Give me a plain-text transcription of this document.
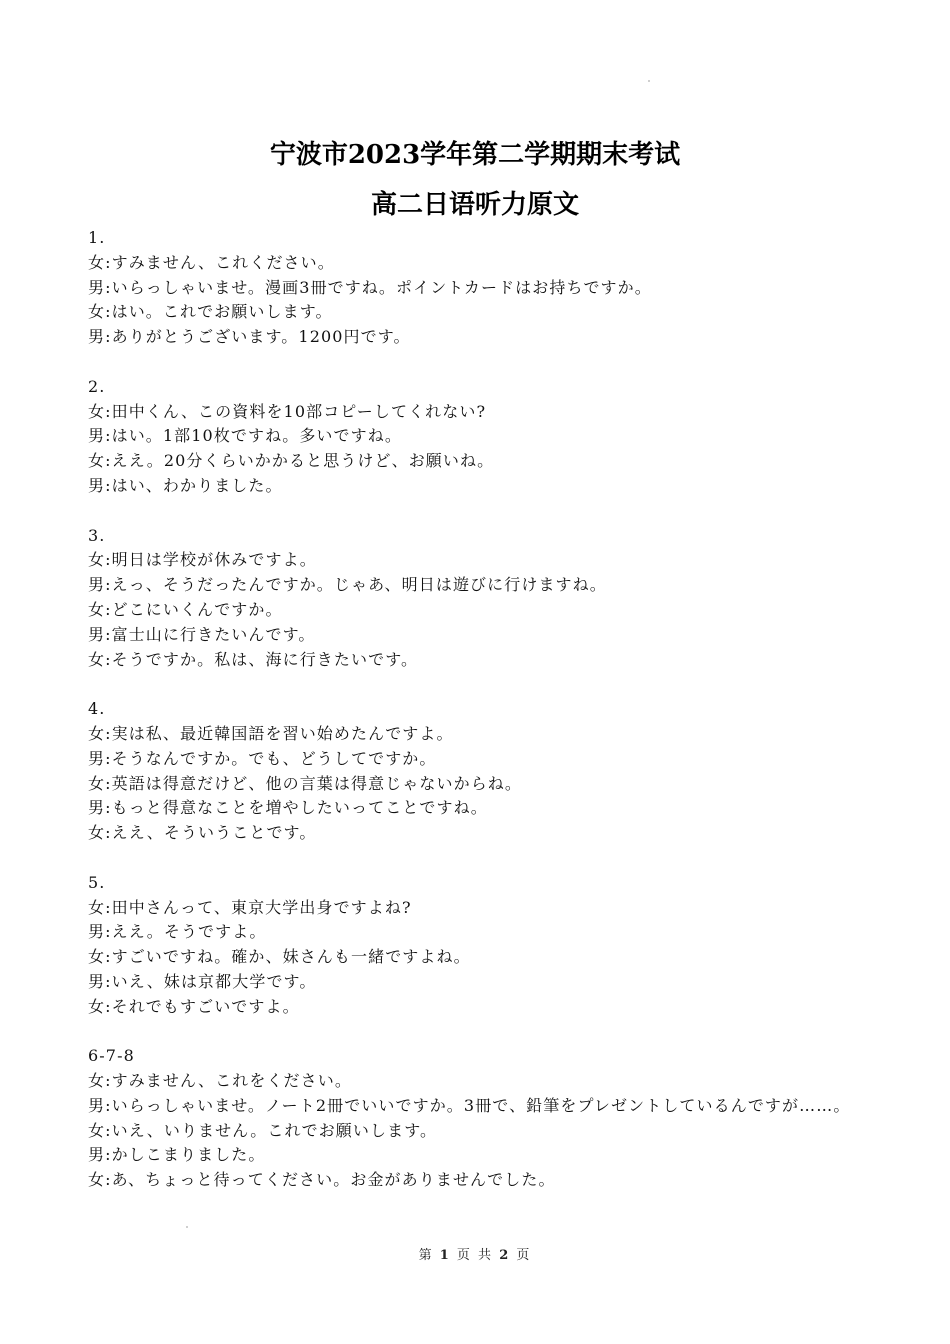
宁波市2023学年第二学期期末考试
高二日语听力原文
1.
女:すみません、これください。
男:いらっしゃいませ。漫画3冊ですね。ポイントカードはお持ちですか。
女:はい。これでお願いします。
男:ありがとうございます。1200円です。
2.
女:田中くん、この資料を10部コピーしてくれない?
男:はい。1部10枚ですね。多いですね。
女:ええ。20分くらいかかると思うけど、お願いね。
男:はい、わかりました。
3.
女:明日は学校が休みですよ。
男:えっ、そうだったんですか。じゃあ、明日は遊びに行けますね。
女:どこにいくんですか。
男:富士山に行きたいんです。
女:そうですか。私は、海に行きたいです。
4.
女:実は私、最近韓国語を習い始めたんですよ。
男:そうなんですか。でも、どうしてですか。
女:英語は得意だけど、他の言葉は得意じゃないからね。
男:もっと得意なことを増やしたいってことですね。
女:ええ、そういうことです。
5.
女:田中さんって、東京大学出身ですよね?
男:ええ。そうですよ。
女:すごいですね。確か、妹さんも一緒ですよね。
男:いえ、妹は京都大学です。
女:それでもすごいですよ。
6-7-8
女:すみません、これをください。
男:いらっしゃいませ。ノート2冊でいいですか。3冊で、鉛筆をプレゼントしているんですが……。
女:いえ、いりません。これでお願いします。
男:かしこまりました。
女:あ、ちょっと待ってください。お金がありませんでした。
第 1 页 共 2 页
